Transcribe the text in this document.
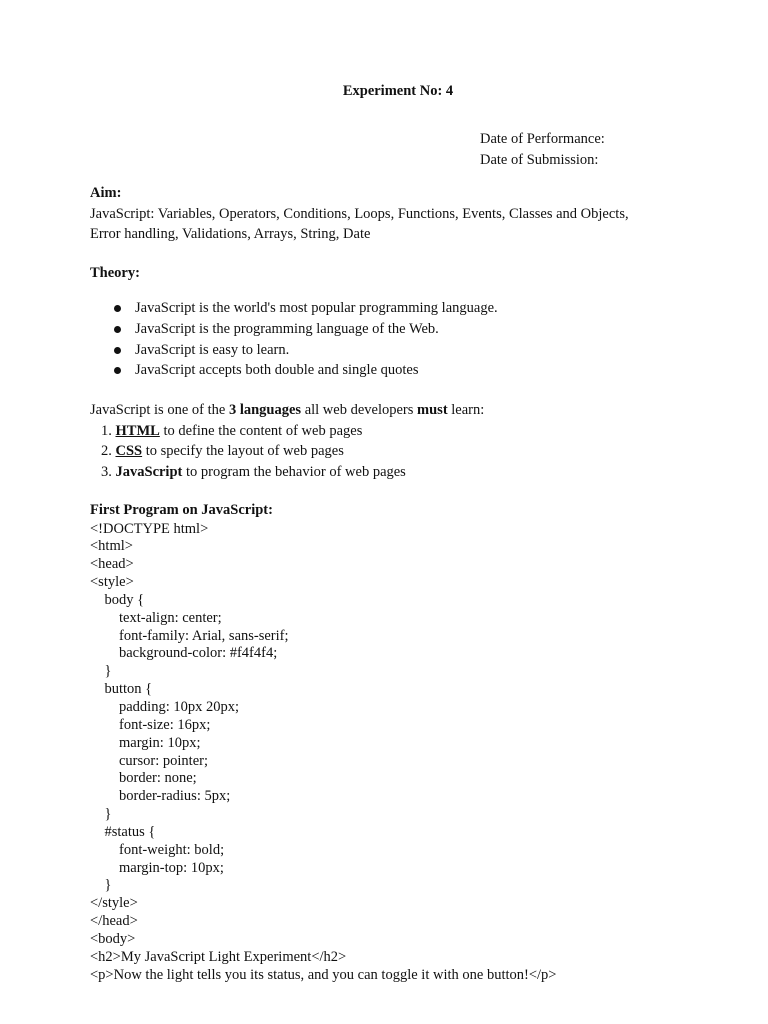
Experiment No: 4
Date of Performance:
Date of Submission:
Aim:
JavaScript: Variables, Operators, Conditions, Loops, Functions, Events, Classes and Objects,
Error handling, Validations, Arrays, String, Date
Theory:
JavaScript is the world's most popular programming language.
JavaScript is the programming language of the Web.
JavaScript is easy to learn.
JavaScript accepts both double and single quotes
JavaScript is one of the 3 languages all web developers must learn:
1. HTML to define the content of web pages
2. CSS to specify the layout of web pages
3. JavaScript to program the behavior of web pages
First Program on JavaScript:
<!DOCTYPE html>
<html>
<head>
<style>
body {
text-align: center;
font-family: Arial, sans-serif;
background-color: #f4f4f4;
}
button {
padding: 10px 20px;
font-size: 16px;
margin: 10px;
cursor: pointer;
border: none;
border-radius: 5px;
}
#status {
font-weight: bold;
margin-top: 10px;
}
</style>
</head>
<body>
<h2>My JavaScript Light Experiment</h2>
<p>Now the light tells you its status, and you can toggle it with one button!</p>
